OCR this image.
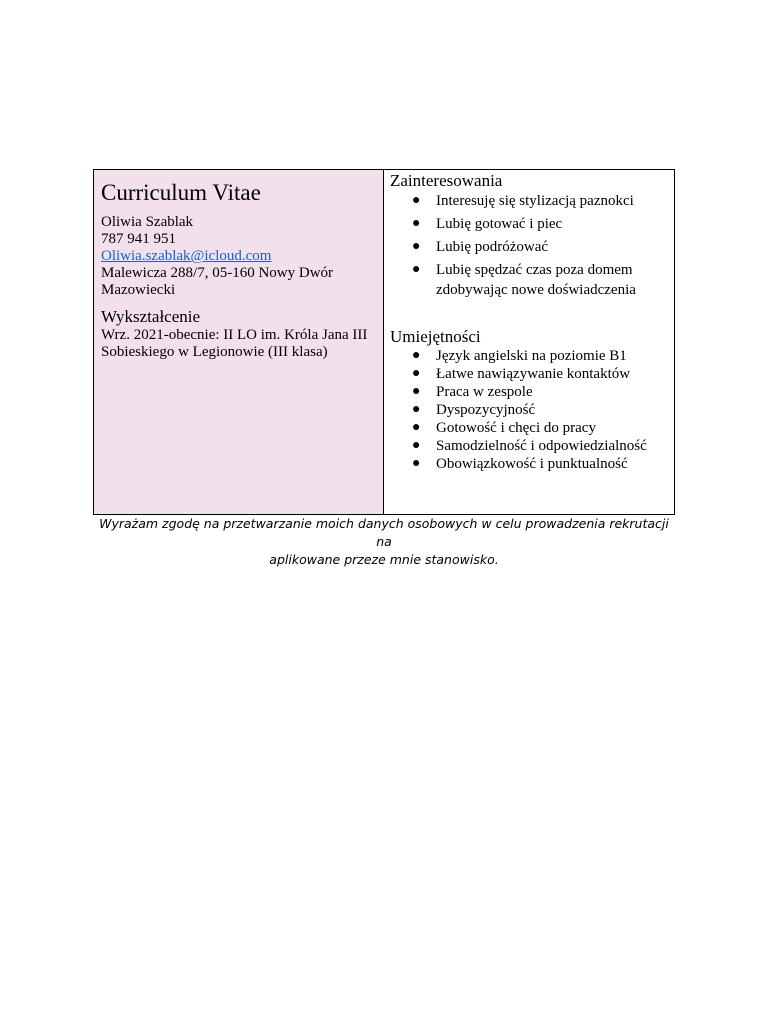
Curriculum Vitae
Oliwia Szablak
787 941 951
Oliwia.szablak@icloud.com
Malewicza 288/7, 05-160 Nowy Dwór
Mazowiecki
Wykształcenie
Wrz. 2021-obecnie: II LO im. Króla Jana III
Sobieskiego w Legionowie (III klasa)
Zainteresowania
●	Interesuję się stylizacją paznokci
●	Lubię gotować i piec
●	Lubię podróżować
●	Lubię spędzać czas poza domem zdobywając nowe doświadczenia
Umiejętności
●	Język angielski na poziomie B1
●	Łatwe nawiązywanie kontaktów
●	Praca w zespole
●	Dyspozycyjność
●	Gotowość i chęci do pracy
●	Samodzielność i odpowiedzialność
●	Obowiązkowość i punktualność
Wyrażam zgodę na przetwarzanie moich danych osobowych w celu prowadzenia rekrutacji na
aplikowane przeze mnie stanowisko.
